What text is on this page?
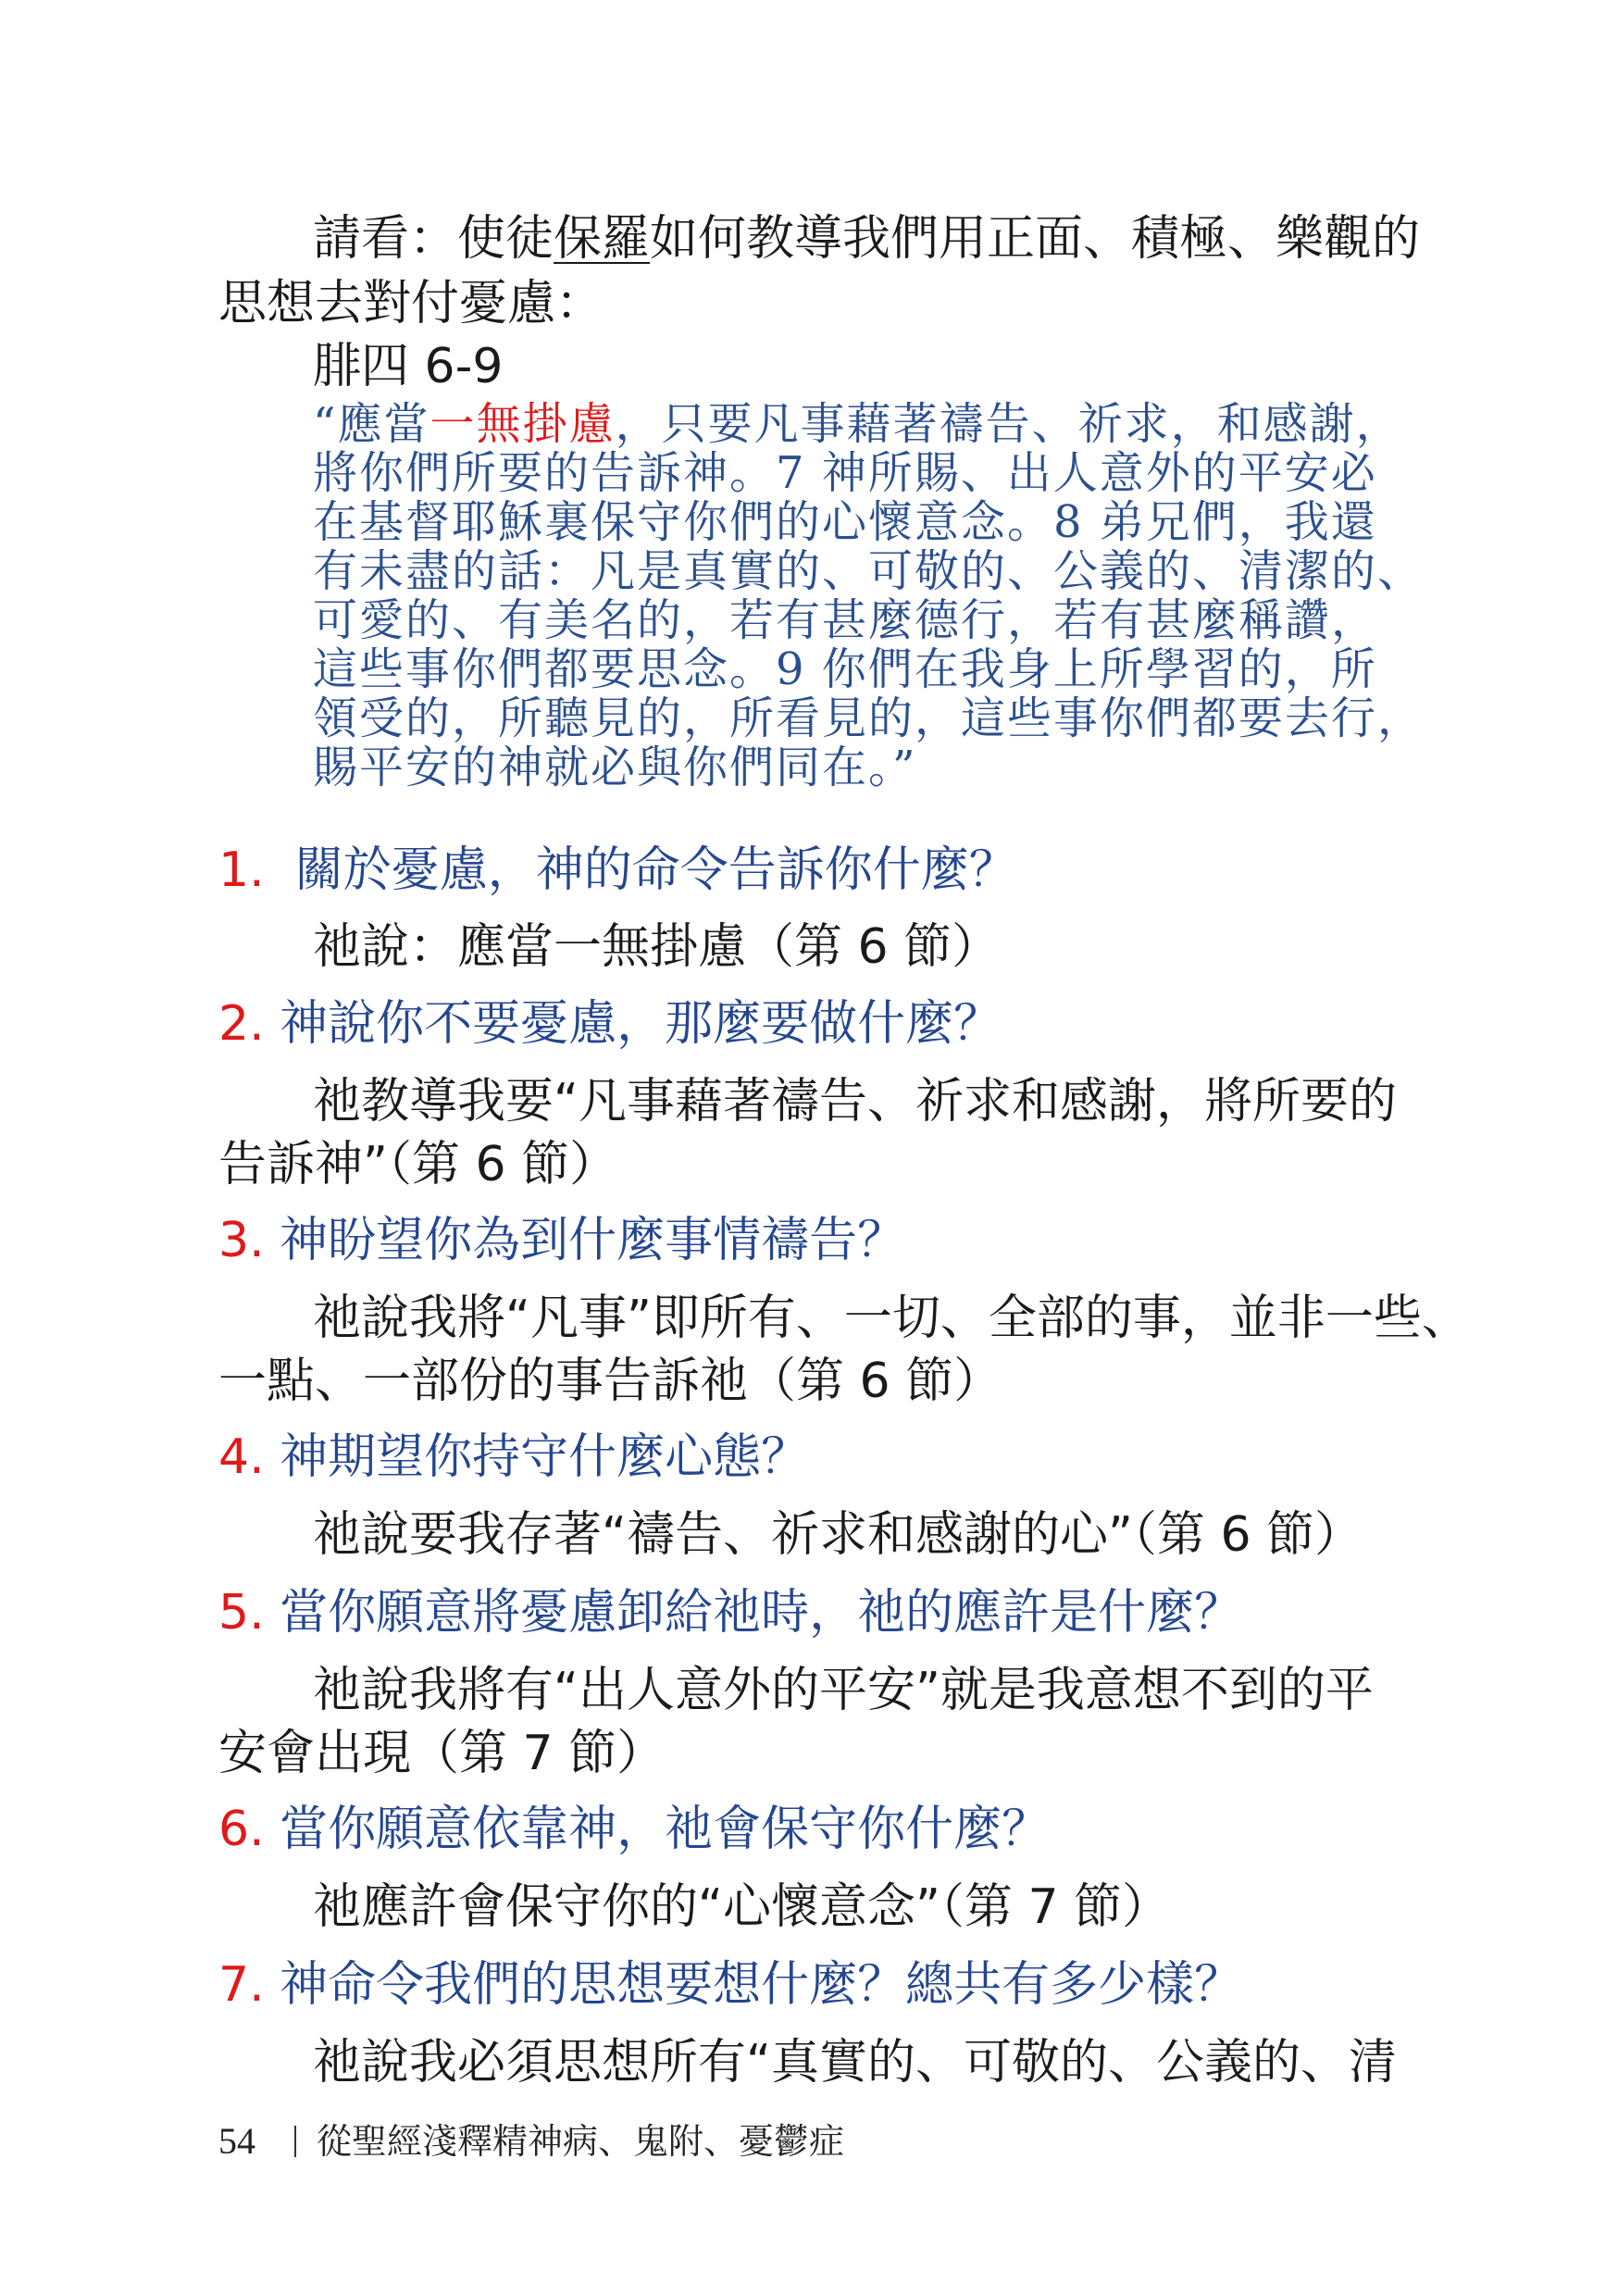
請看：使徒保羅如何教導我們用正面、積極、樂觀的
思想去對付憂慮：
腓四 6-9
“應當一無掛慮，只要凡事藉著禱告、祈求，和感謝，
將你們所要的告訴神。7 神所賜、出人意外的平安必
在基督耶穌裏保守你們的心懷意念。8 弟兄們，我還
有未盡的話：凡是真實的、可敬的、公義的、清潔的、
可愛的、有美名的，若有甚麼德行，若有甚麼稱讚，
這些事你們都要思念。9 你們在我身上所學習的，所
領受的，所聽見的，所看見的，這些事你們都要去行，
賜平安的神就必與你們同在。”
1. 關於憂慮，神的命令告訴你什麼？
祂說：應當一無掛慮（第 6 節）
2. 神說你不要憂慮，那麼要做什麼？
祂教導我要“凡事藉著禱告、祈求和感謝，將所要的
告訴神”（第 6 節）
3. 神盼望你為到什麼事情禱告？
祂說我將“凡事”即所有、一切、全部的事，並非一些、
一點、一部份的事告訴祂（第 6 節）
4. 神期望你持守什麼心態？
祂說要我存著“禱告、祈求和感謝的心”（第 6 節）
5. 當你願意將憂慮卸給祂時，祂的應許是什麼？
祂說我將有“出人意外的平安”就是我意想不到的平
安會出現（第 7 節）
6. 當你願意依靠神，祂會保守你什麼？
祂應許會保守你的“心懷意念”（第 7 節）
7. 神命令我們的思想要想什麼？總共有多少樣？
祂說我必須思想所有“真實的、可敬的、公義的、清
54 從聖經淺釋精神病、鬼附、憂鬱症
